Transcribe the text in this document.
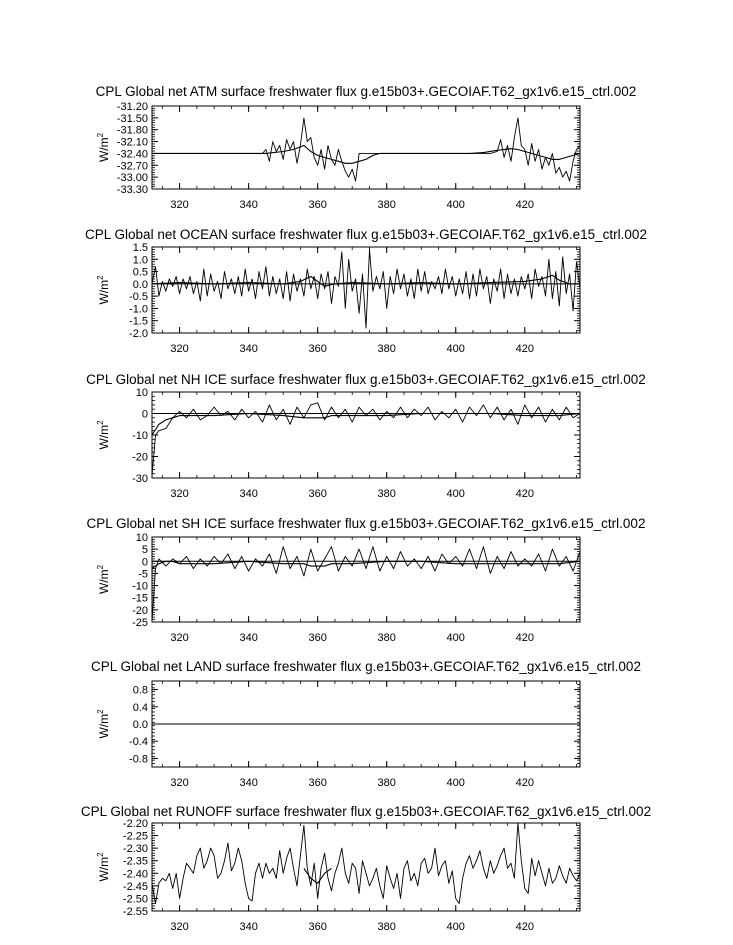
CPL Global net ATM surface freshwater flux g.e15b03+.GECOIAF.T62_gx1v6.e15_ctrl.002
-31.20
-31.50
-31.80
-32.10
-32.40
-32.70
-33.00
-33.30
320	340	360	380	400	420
$W/m^2$
CPL Global net OCEAN surface freshwater flux g.e15b03+.GECOIAF.T62_gx1v6.e15_ctrl.002
1.5
1.0
0.5
0.0
-0.5
-1.0
-1.5
-2.0
320	340	360	380	400	420
$W/m^2$
CPL Global net NH ICE surface freshwater flux g.e15b03+.GECOIAF.T62_gx1v6.e15_ctrl.002
10
0
-10
-20
-30
320	340	360	380	400	420
$W/m^2$
CPL Global net SH ICE surface freshwater flux g.e15b03+.GECOIAF.T62_gx1v6.e15_ctrl.002
10
5
0
-5
-10
-15
-20
-25
320	340	360	380	400	420
$W/m^2$
CPL Global net LAND surface freshwater flux g.e15b03+.GECOIAF.T62_gx1v6.e15_ctrl.002
0.8
0.4
0.0
-0.4
-0.8
320	340	360	380	400	420
$W/m^2$
CPL Global net RUNOFF surface freshwater flux g.e15b03+.GECOIAF.T62_gx1v6.e15_ctrl.002
-2.20
-2.25
-2.30
-2.35
-2.40
-2.45
-2.50
-2.55
320	340	360	380	400	420
$W/m^2$
